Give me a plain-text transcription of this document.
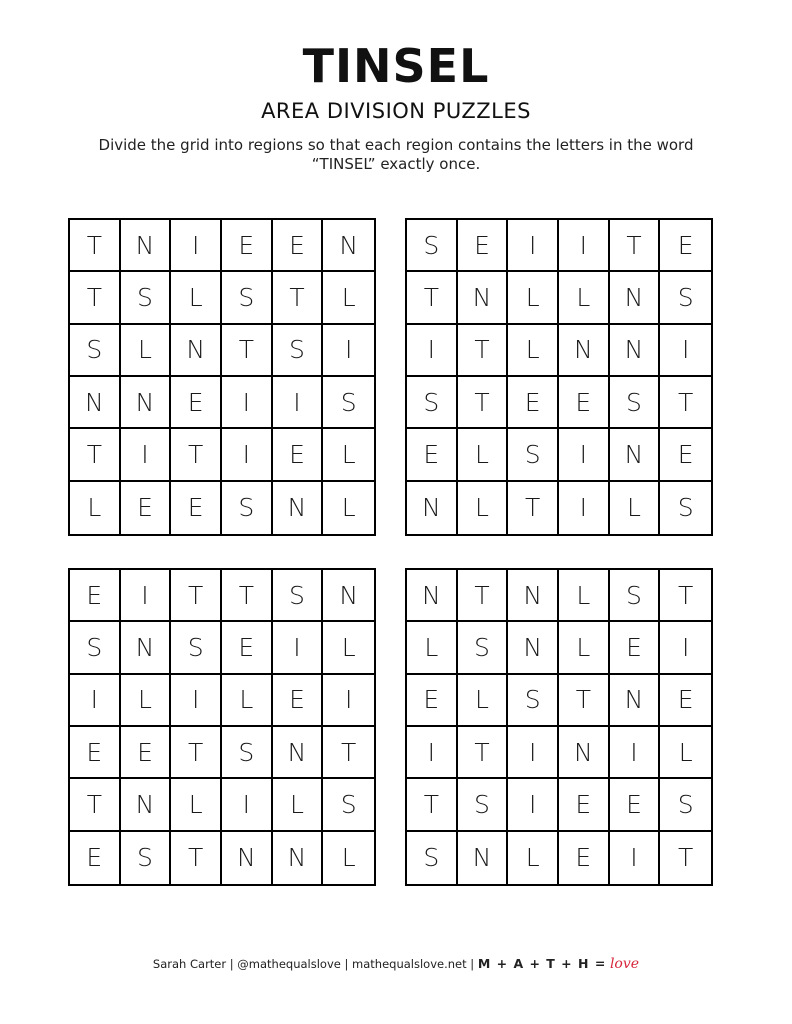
TINSEL
AREA DIVISION PUZZLES
Divide the grid into regions so that each region contains the letters in the word “TINSEL” exactly once.
T	N	I	E	E	N
T	S	L	S	T	L
S	L	N	T	S	I
N	N	E	I	I	S
T	I	T	I	E	L
L	E	E	S	N	L
S	E	I	I	T	E
T	N	L	L	N	S
I	T	L	N	N	I
S	T	E	E	S	T
E	L	S	I	N	E
N	L	T	I	L	S
E	I	T	T	S	N
S	N	S	E	I	L
I	L	I	L	E	I
E	E	T	S	N	T
T	N	L	I	L	S
E	S	T	N	N	L
N	T	N	L	S	T
L	S	N	L	E	I
E	L	S	T	N	E
I	T	I	N	I	L
T	S	I	E	E	S
S	N	L	E	I	T
Sarah Carter | @mathequalslove | mathequalslove.net | M + A + T + H = love
